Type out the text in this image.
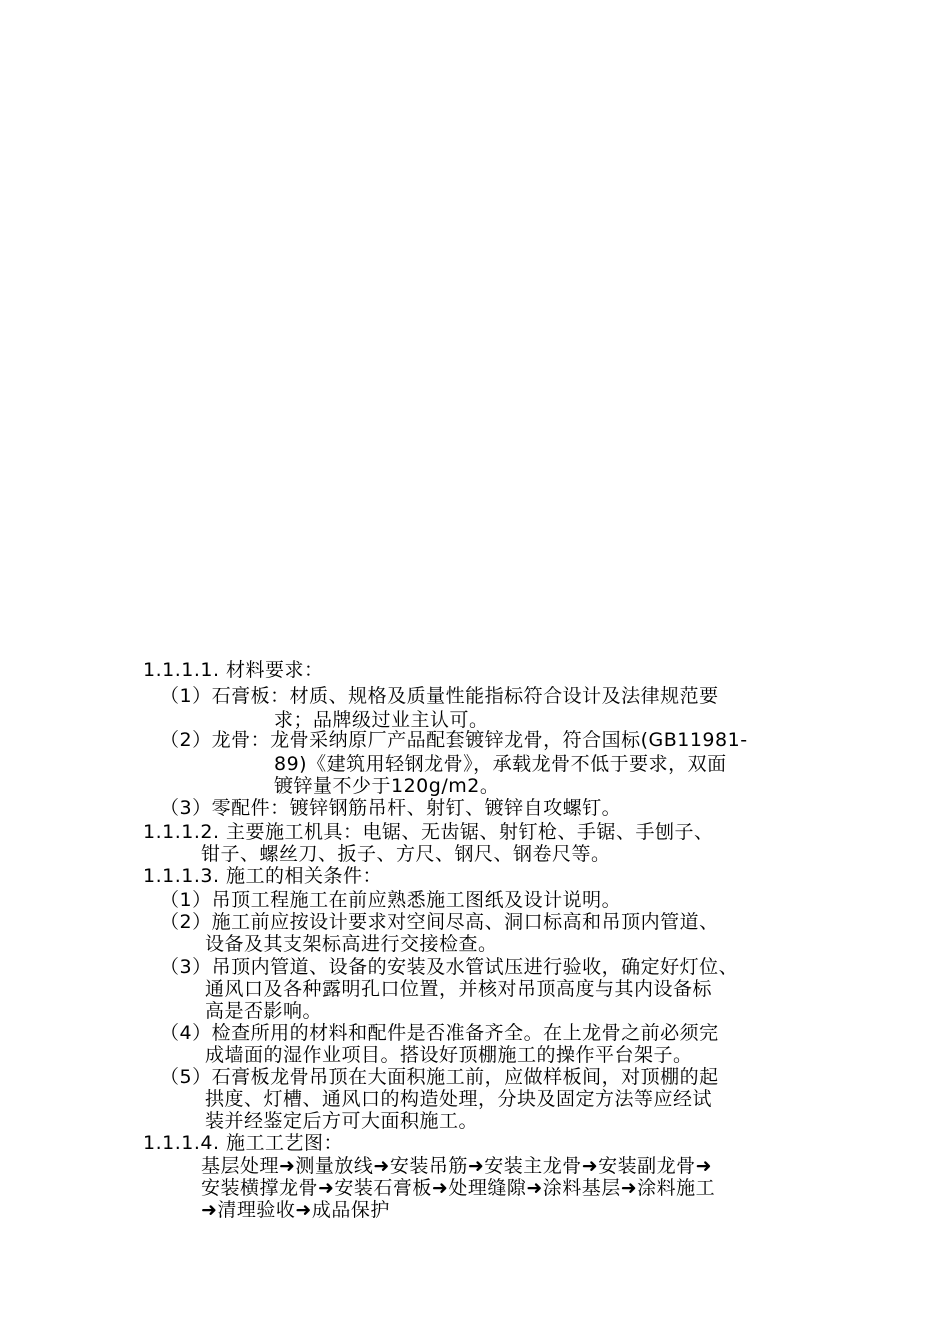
1.1.1.1. 材料要求：
（1）石膏板：材质、规格及质量性能指标符合设计及法律规范要
求；品牌级过业主认可。
（2）龙骨：龙骨采纳原厂产品配套镀锌龙骨，符合国标(GB11981-
89)《建筑用轻钢龙骨》，承载龙骨不低于要求，双面
镀锌量不少于120g/m2。
（3）零配件：镀锌钢筋吊杆、射钉、镀锌自攻螺钉。
1.1.1.2. 主要施工机具：电锯、无齿锯、射钉枪、手锯、手刨子、
钳子、螺丝刀、扳子、方尺、钢尺、钢卷尺等。
1.1.1.3. 施工的相关条件：
（1）吊顶工程施工在前应熟悉施工图纸及设计说明。
（2）施工前应按设计要求对空间尽高、洞口标高和吊顶内管道、
设备及其支架标高进行交接检查。
（3）吊顶内管道、设备的安装及水管试压进行验收，确定好灯位、
通风口及各种露明孔口位置，并核对吊顶高度与其内设备标
高是否影响。
（4）检查所用的材料和配件是否准备齐全。在上龙骨之前必须完
成墙面的湿作业项目。搭设好顶棚施工的操作平台架子。
（5）石膏板龙骨吊顶在大面积施工前，应做样板间，对顶棚的起
拱度、灯槽、通风口的构造处理，分块及固定方法等应经试
装并经鉴定后方可大面积施工。
1.1.1.4. 施工工艺图：
基层处理➜测量放线➜安装吊筋➜安装主龙骨➜安装副龙骨➜
安装横撑龙骨➜安装石膏板➜处理缝隙➜涂料基层➜涂料施工
➜清理验收➜成品保护
